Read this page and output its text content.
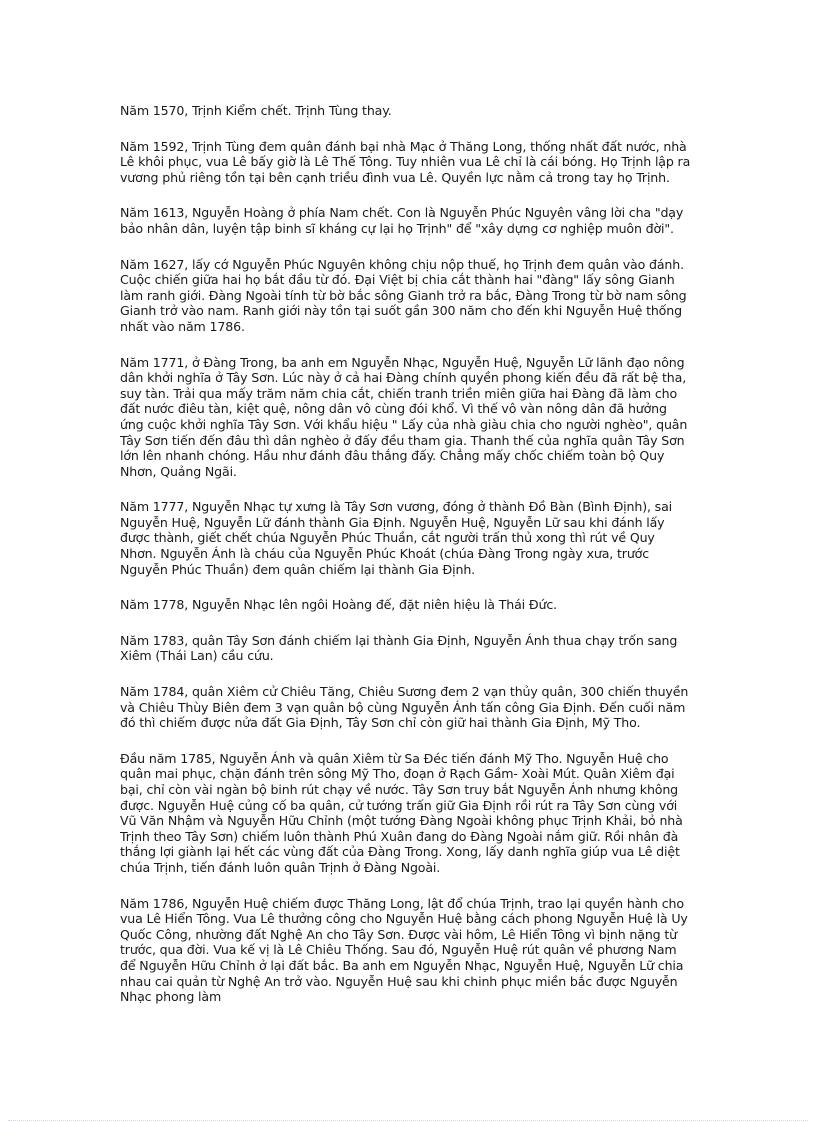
Năm 1570, Trịnh Kiểm chết. Trịnh Tùng thay.

Năm 1592, Trịnh Tùng đem quân đánh bại nhà Mạc ở Thăng Long, thống nhất đất nước, nhà Lê khôi phục, vua Lê bấy giờ là Lê Thế Tông. Tuy nhiên vua Lê chỉ là cái bóng. Họ Trịnh lập ra vương phủ riêng tồn tại bên cạnh triều đình vua Lê. Quyền lực nằm cả trong tay họ Trịnh.

Năm 1613, Nguyễn Hoàng ở phía Nam chết. Con là Nguyễn Phúc Nguyên vâng lời cha "dạy bảo nhân dân, luyện tập binh sĩ kháng cự lại họ Trịnh" để "xây dựng cơ nghiệp muôn đời".

Năm 1627, lấy cớ Nguyễn Phúc Nguyên không chịu nộp thuế, họ Trịnh đem quân vào đánh. Cuộc chiến giữa hai họ bắt đầu từ đó. Đại Việt bị chia cắt thành hai "đàng" lấy sông Gianh làm ranh giới. Đàng Ngoài tính từ bờ bắc sông Gianh trở ra bắc, Đàng Trong từ bờ nam sông Gianh trở vào nam. Ranh giới này tồn tại suốt gần 300 năm cho đến khi Nguyễn Huệ thống nhất vào năm 1786.

Năm 1771, ở Đàng Trong, ba anh em Nguyễn Nhạc, Nguyễn Huệ, Nguyễn Lữ lãnh đạo nông dân khởi nghĩa ở Tây Sơn. Lúc này ở cả hai Đàng chính quyền phong kiến đều đã rất bệ tha, suy tàn. Trải qua mấy trăm năm chia cắt, chiến tranh triền miên giữa hai Đàng đã làm cho đất nước điêu tàn, kiệt quệ, nông dân vô cùng đói khổ. Vì thế vô vàn nông dân đã hưởng ứng cuộc khởi nghĩa Tây Sơn. Với khẩu hiệu " Lấy của nhà giàu chia cho người nghèo", quân Tây Sơn tiến đến đâu thì dân nghèo ở đấy đều tham gia. Thanh thế của nghĩa quân Tây Sơn lớn lên nhanh chóng. Hầu như đánh đâu thắng đấy. Chẳng mấy chốc chiếm toàn bộ Quy Nhơn, Quảng Ngãi.

Năm 1777, Nguyễn Nhạc tự xưng là Tây Sơn vương, đóng ở thành Đồ Bàn (Bình Định), sai Nguyễn Huệ, Nguyễn Lữ đánh thành Gia Định. Nguyễn Huệ, Nguyễn Lữ sau khi đánh lấy được thành, giết chết chúa Nguyễn Phúc Thuần, cắt người trấn thủ xong thì rút về Quy Nhơn. Nguyễn Ánh là cháu của Nguyễn Phúc Khoát (chúa Đàng Trong ngày xưa, trước Nguyễn Phúc Thuần) đem quân chiếm lại thành Gia Định.

Năm 1778, Nguyễn Nhạc lên ngôi Hoàng đế, đặt niên hiệu là Thái Đức.

Năm 1783, quân Tây Sơn đánh chiếm lại thành Gia Định, Nguyễn Ánh thua chạy trốn sang Xiêm (Thái Lan) cầu cứu.

Năm 1784, quân Xiêm cử Chiêu Tăng, Chiêu Sương đem 2 vạn thủy quân, 300 chiến thuyền và Chiêu Thùy Biên đem 3 vạn quân bộ cùng Nguyễn Ánh tấn công Gia Định. Đến cuối năm đó thì chiếm được nửa đất Gia Định, Tây Sơn chỉ còn giữ hai thành Gia Định, Mỹ Tho.

Đầu năm 1785, Nguyễn Ánh và quân Xiêm từ Sa Đéc tiến đánh Mỹ Tho. Nguyễn Huệ cho quân mai phục, chặn đánh trên sông Mỹ Tho, đoạn ở Rạch Gầm- Xoài Mút. Quân Xiêm đại bại, chỉ còn vài ngàn bộ binh rút chạy về nước. Tây Sơn truy bắt Nguyễn Ánh nhưng không được. Nguyễn Huệ củng cố ba quân, cử tướng trấn giữ Gia Định rồi rút ra Tây Sơn cùng với Vũ Văn Nhậm và Nguyễn Hữu Chỉnh (một tướng Đàng Ngoài không phục Trịnh Khải, bỏ nhà Trịnh theo Tây Sơn) chiếm luôn thành Phú Xuân đang do Đàng Ngoài nắm giữ. Rồi nhân đà thắng lợi giành lại hết các vùng đất của Đàng Trong. Xong, lấy danh nghĩa giúp vua Lê diệt chúa Trịnh, tiến đánh luôn quân Trịnh ở Đàng Ngoài.

Năm 1786, Nguyễn Huệ chiếm được Thăng Long, lật đổ chúa Trịnh, trao lại quyền hành cho vua Lê Hiển Tông. Vua Lê thưởng công cho Nguyễn Huệ bằng cách phong Nguyễn Huệ là Uy Quốc Công, nhường đất Nghệ An cho Tây Sơn. Được vài hôm, Lê Hiển Tông vì bịnh nặng từ trước, qua đời. Vua kế vị là Lê Chiêu Thống. Sau đó, Nguyễn Huệ rút quân về phương Nam để Nguyễn Hữu Chỉnh ở lại đất bắc. Ba anh em Nguyễn Nhạc, Nguyễn Huệ, Nguyễn Lữ chia nhau cai quản từ Nghệ An trở vào. Nguyễn Huệ sau khi chinh phục miền bắc được Nguyễn Nhạc phong làm
